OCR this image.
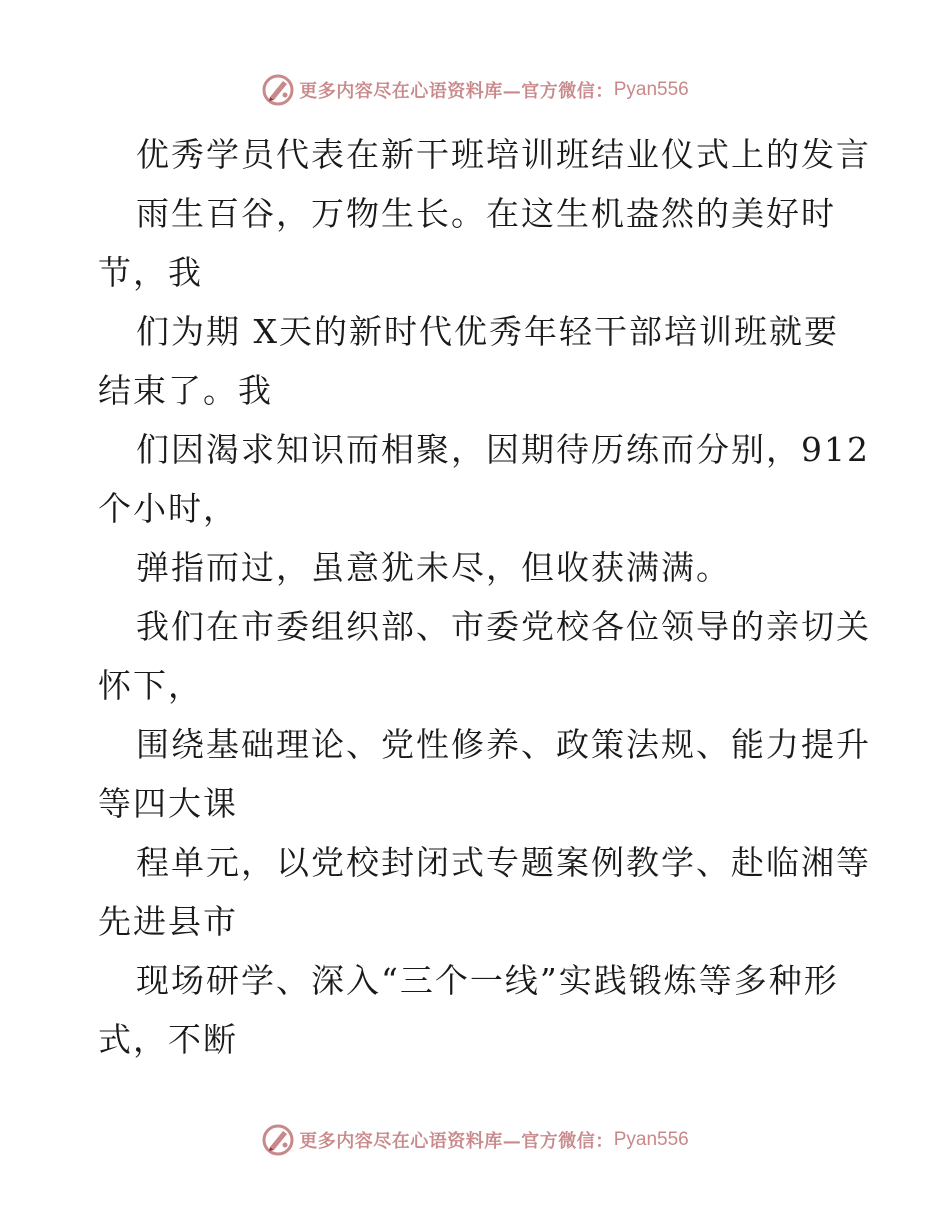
更多内容尽在心语资料库— 官方微信： Pyan556
优秀学员代表在新干班培训班结业仪式上的发言
雨生百谷，万物生长。在这生机盎然的美好时
节，我
们为期 X天的新时代优秀年轻干部培训班就要
结束了。我
们因渴求知识而相聚，因期待历练而分别，912
个小时，
弹指而过，虽意犹未尽，但收获满满。
我们在市委组织部、市委党校各位领导的亲切关
怀下，
围绕基础理论、党性修养、政策法规、能力提升
等四大课
程单元，以党校封闭式专题案例教学、赴临湘等
先进县市
现场研学、深入“三个一线”实践锻炼等多种形
式，不断
更多内容尽在心语资料库— 官方微信： Pyan556
